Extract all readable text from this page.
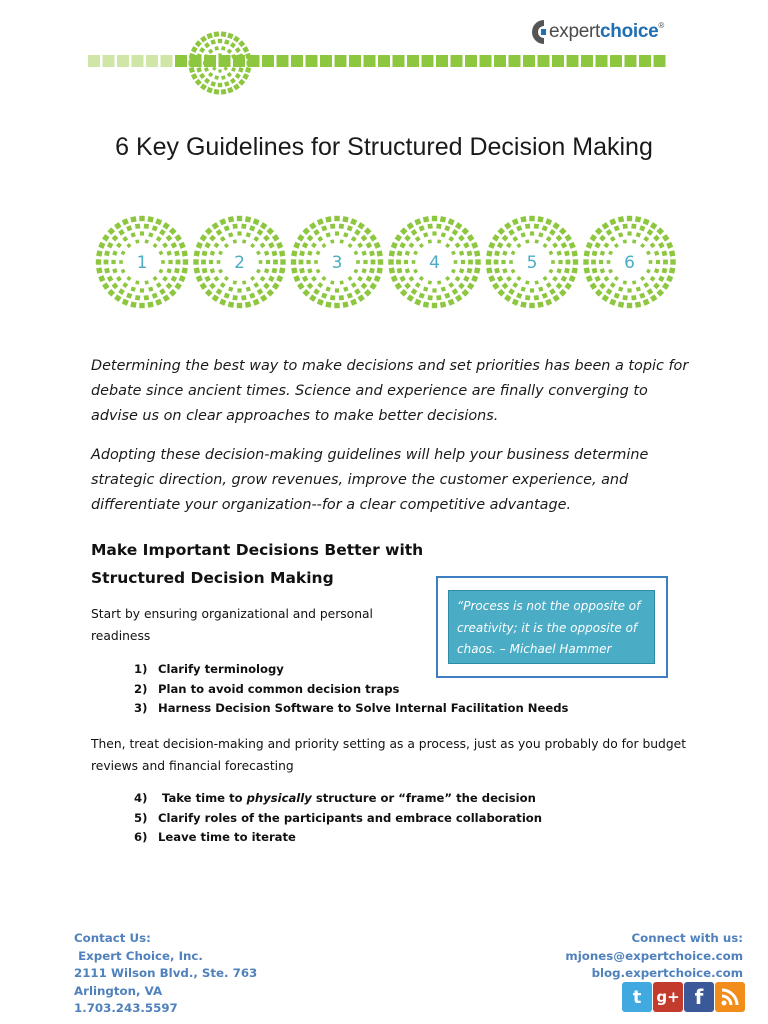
expertchoice®
6 Key Guidelines for Structured Decision Making
1	2	3	4	5	6

Determining the best way to make decisions and set priorities has been a topic for debate since ancient times. Science and experience are finally converging to advise us on clear approaches to make better decisions.

Adopting these decision-making guidelines will help your business determine strategic direction, grow revenues, improve the customer experience, and differentiate your organization--for a clear competitive advantage.

Make Important Decisions Better with
Structured Decision Making
Start by ensuring organizational and personal readiness
1) Clarify terminology
2) Plan to avoid common decision traps
3) Harness Decision Software to Solve Internal Facilitation Needs
Then, treat decision-making and priority setting as a process, just as you probably do for budget reviews and financial forecasting
4) Take time to physically structure or “frame” the decision
5) Clarify roles of the participants and embrace collaboration
6) Leave time to iterate
“Process is not the opposite of creativity; it is the opposite of chaos. – Michael Hammer
Contact Us:
Expert Choice, Inc.
2111 Wilson Blvd., Ste. 763
Arlington, VA
1.703.243.5597
Connect with us:
mjones@expertchoice.com
blog.expertchoice.com
t	g+ f
